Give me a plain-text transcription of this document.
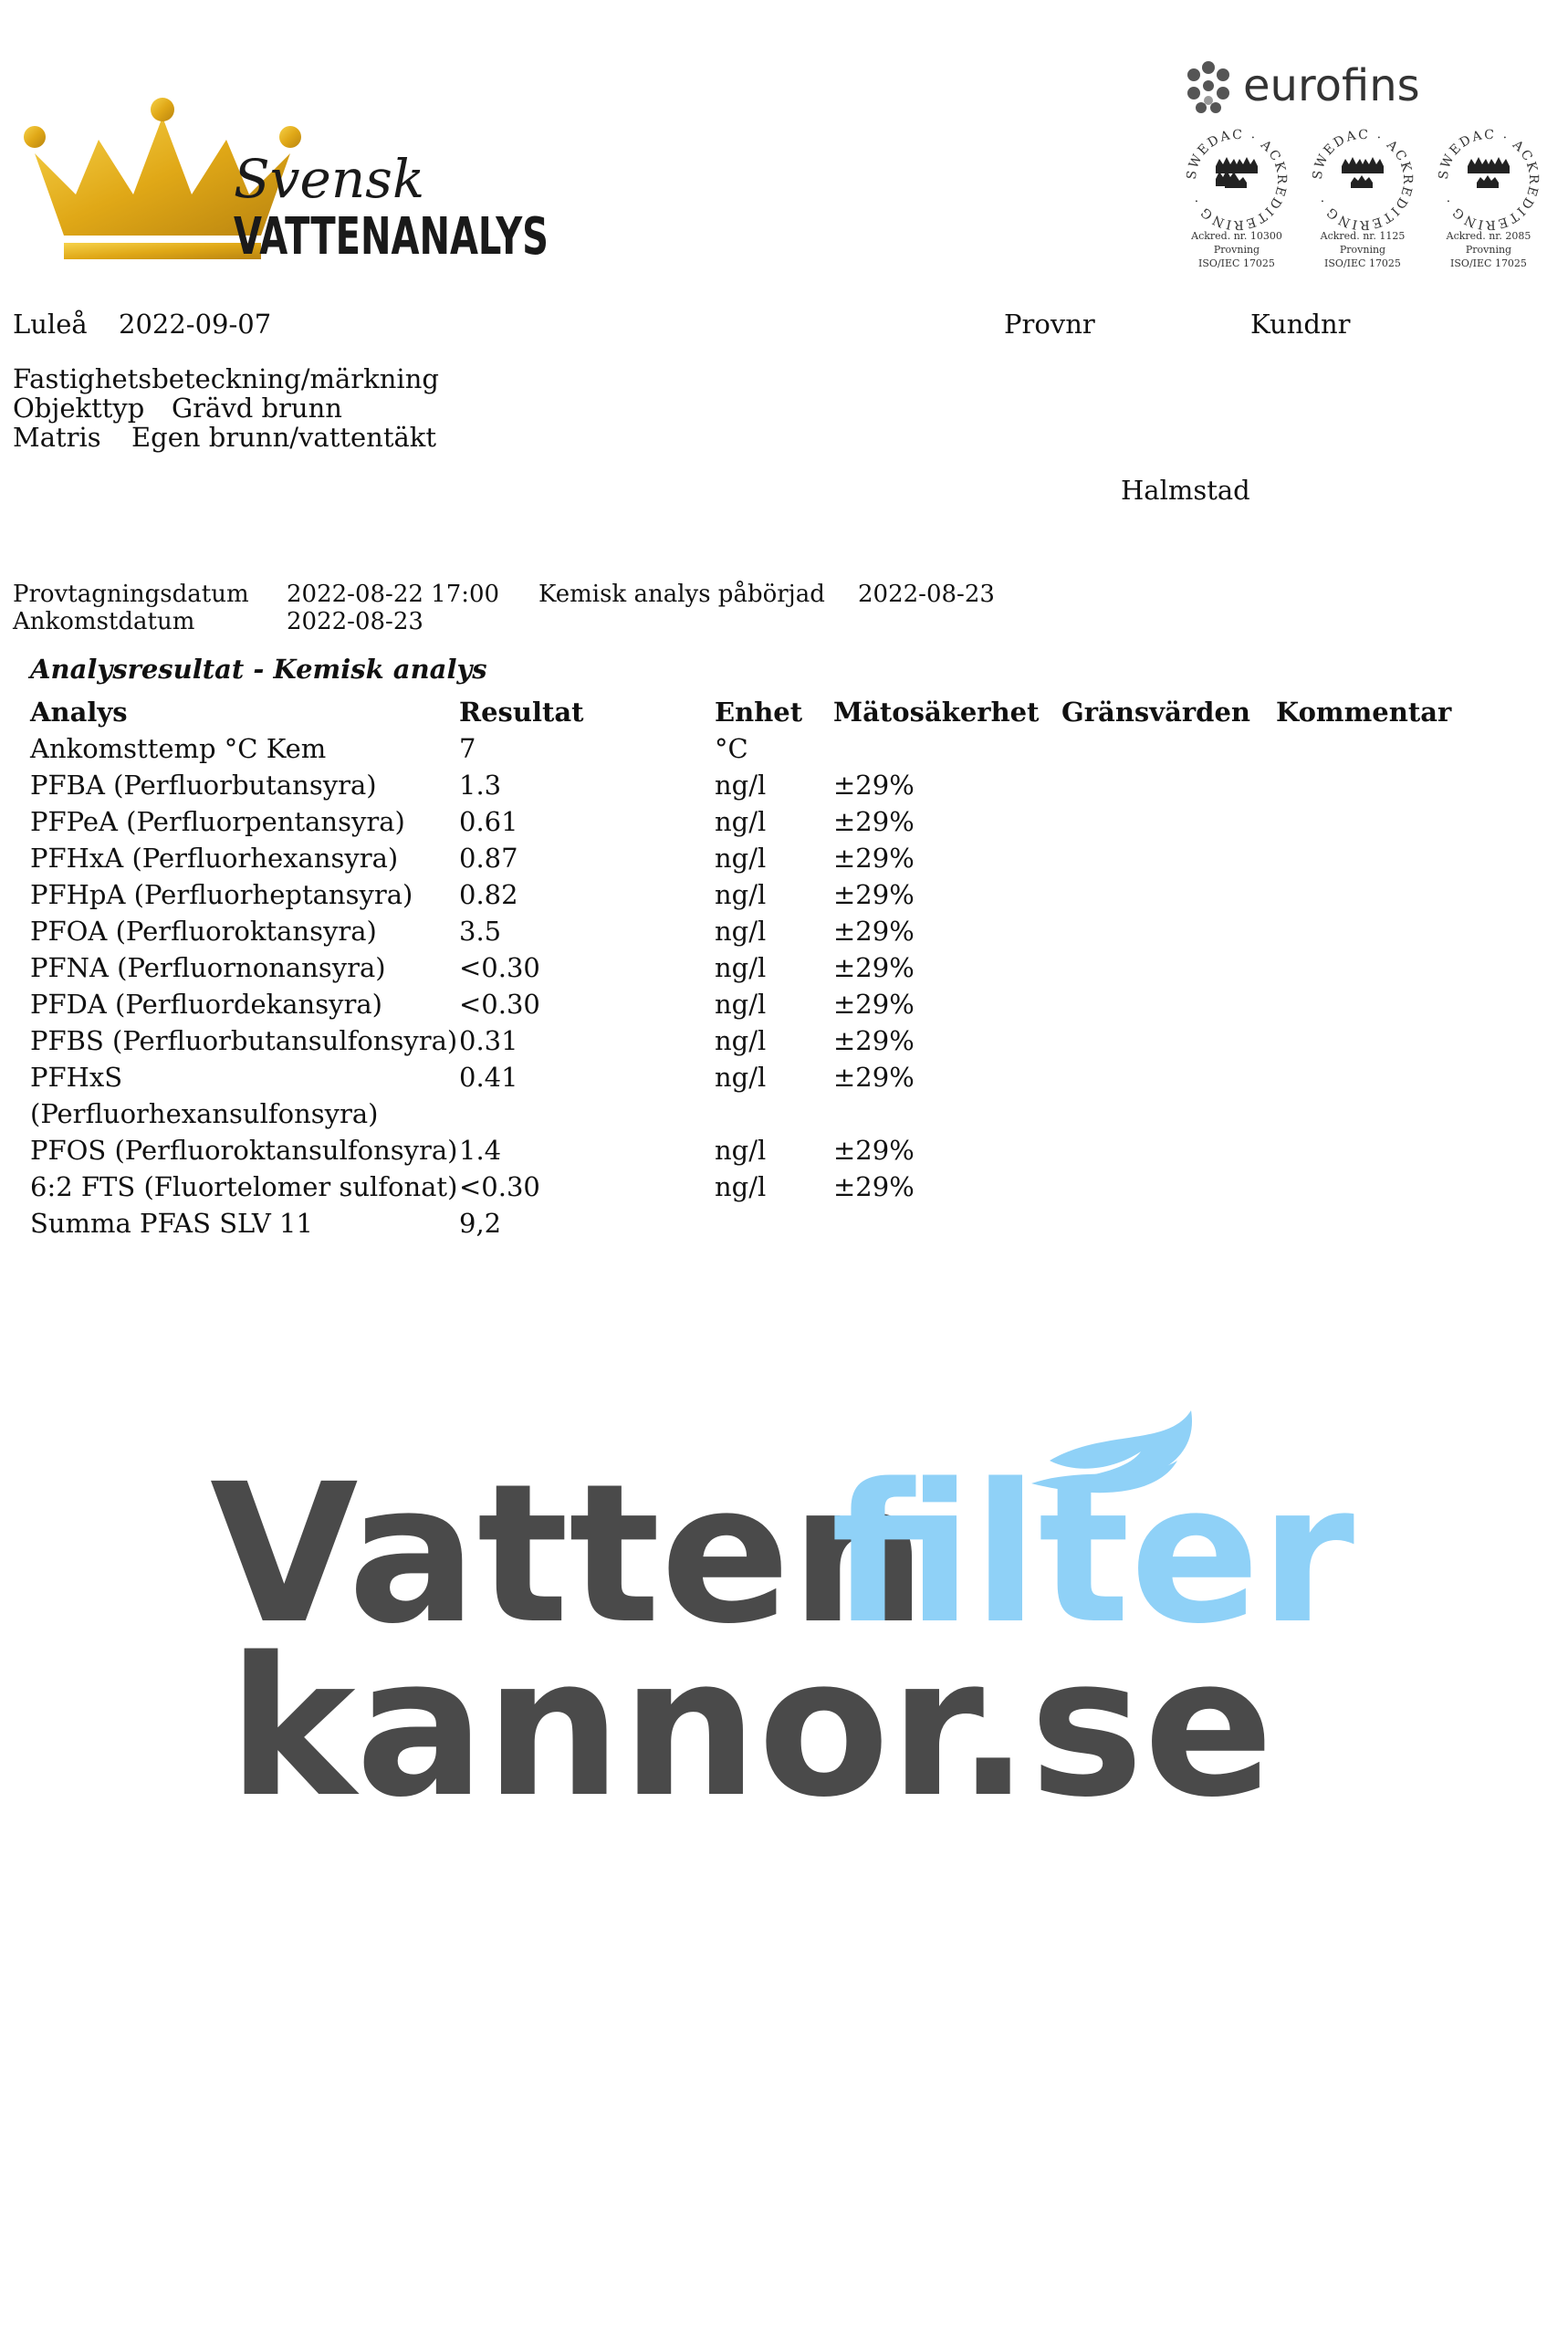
Svensk
VATTENANALYS
eurofins
SWEDAC · ACKREDITERING ·
Ackred. nr. 10300
Provning
ISO/IEC 17025
SWEDAC · ACKREDITERING ·
Ackred. nr. 1125
Provning
ISO/IEC 17025
SWEDAC · ACKREDITERING ·
Ackred. nr. 2085
Provning
ISO/IEC 17025
Luleå 2022-09-07	Provnr	Kundnr
Fastighetsbeteckning/märkning
Objekttyp Grävd brunn
Matris Egen brunn/vattentäkt
Halmstad
Provtagningsdatum 2022-08-22 17:00 Kemisk analys påbörjad 2022-08-23
Ankomstdatum	2022-08-23
Analysresultat - Kemisk analys
Analys	Resultat	Enhet	Mätosäkerhet	Gränsvärden	Kommentar
Ankomsttemp °C Kem	7	°C			
PFBA (Perfluorbutansyra)	1.3	ng/l	±29%		
PFPeA (Perfluorpentansyra)	0.61	ng/l	±29%		
PFHxA (Perfluorhexansyra)	0.87	ng/l	±29%		
PFHpA (Perfluorheptansyra)	0.82	ng/l	±29%		
PFOA (Perfluoroktansyra)	3.5	ng/l	±29%		
PFNA (Perfluornonansyra)	<0.30	ng/l	±29%		
PFDA (Perfluordekansyra)	<0.30	ng/l	±29%		
PFBS (Perfluorbutansulfonsyra)	0.31	ng/l	±29%		
PFHxS (Perfluorhexansulfonsyra)	0.41	ng/l	±29%		
PFOS (Perfluoroktansulfonsyra)	1.4	ng/l	±29%		
6:2 FTS (Fluortelomer sulfonat)	<0.30	ng/l	±29%		
Summa PFAS SLV 11	9,2				
Vatten
filter
kannor.se
